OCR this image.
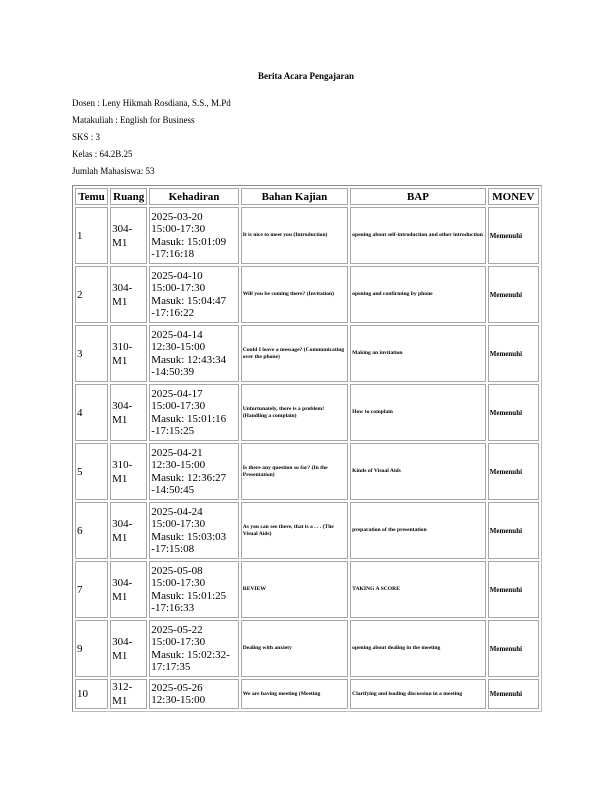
Berita Acara Pengajaran
Dosen : Leny Hikmah Rosdiana, S.S., M.Pd
Matakuliah : English for Business
SKS : 3
Kelas : 64.2B.25
Jumlah Mahasiswa: 53
Temu	Ruang	Kehadiran	Bahan Kajian	BAP	MONEV
1	304-M1	2025-03-20
15:00-17:30
Masuk: 15:01:09
-17:16:18	It is nice to meet you (Introduction)	opening about self-introduction and other introduction	Memenuhi
2	304-M1	2025-04-10
15:00-17:30
Masuk: 15:04:47
-17:16:22	Will you be coming there? (Invitation)	opening and confirming by phone	Memenuhi
3	310-M1	2025-04-14
12:30-15:00
Masuk: 12:43:34
-14:50:39	Could I leave a message? (Communicating over the phone)	Making an invitation	Memenuhi
4	304-M1	2025-04-17
15:00-17:30
Masuk: 15:01:16
-17:15:25	Unfortunately, there is a problem! (Handling a complain)	How to complain	Memenuhi
5	310-M1	2025-04-21
12:30-15:00
Masuk: 12:36:27
-14:50:45	Is there any question so far? (In the Presentation)	Kinds of Visual Aids	Memenuhi
6	304-M1	2025-04-24
15:00-17:30
Masuk: 15:03:03
-17:15:08	As you can see there, that is a . . . (The Visual Aids)	preparation of the presentation	Memenuhi
7	304-M1	2025-05-08
15:00-17:30
Masuk: 15:01:25
-17:16:33	REVIEW	TAKING A SCORE	Memenuhi
9	304-M1	2025-05-22
15:00-17:30
Masuk: 15:02:32-
17:17:35	Dealing with anxiety	opening about dealing in the meeting	Memenuhi
10	312-M1	2025-05-26
12:30-15:00	We are having meeting (Meeting	Clarifying and leading discussion in a meeting	Memenuhi
